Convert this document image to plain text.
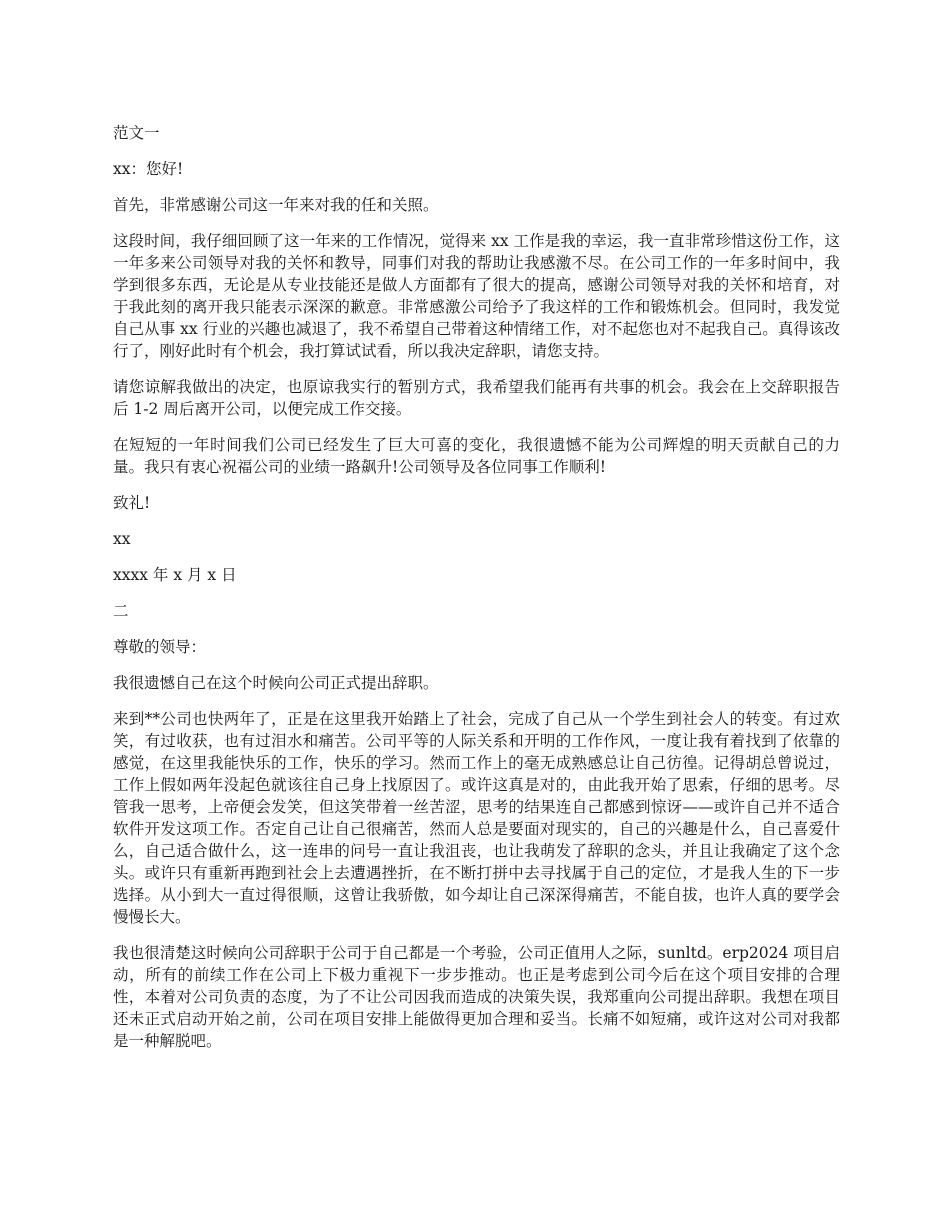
范文一

xx：您好!

首先，非常感谢公司这一年来对我的任和关照。

这段时间，我仔细回顾了这一年来的工作情况，觉得来 xx 工作是我的幸运，我一直非常珍惜这份工作，这一年多来公司领导对我的关怀和教导，同事们对我的帮助让我感激不尽。在公司工作的一年多时间中，我学到很多东西，无论是从专业技能还是做人方面都有了很大的提高，感谢公司领导对我的关怀和培育，对于我此刻的离开我只能表示深深的歉意。非常感激公司给予了我这样的工作和锻炼机会。但同时，我发觉自己从事 xx 行业的兴趣也减退了，我不希望自己带着这种情绪工作，对不起您也对不起我自己。真得该改行了，刚好此时有个机会，我打算试试看，所以我决定辞职，请您支持。

请您谅解我做出的决定，也原谅我实行的暂别方式，我希望我们能再有共事的机会。我会在上交辞职报告后 1-2 周后离开公司，以便完成工作交接。

在短短的一年时间我们公司已经发生了巨大可喜的变化，我很遗憾不能为公司辉煌的明天贡献自己的力量。我只有衷心祝福公司的业绩一路飙升!公司领导及各位同事工作顺利!

致礼!

xx

xxxx 年 x 月 x 日

二

尊敬的领导：

我很遗憾自己在这个时候向公司正式提出辞职。

来到**公司也快两年了，正是在这里我开始踏上了社会，完成了自己从一个学生到社会人的转变。有过欢笑，有过收获，也有过泪水和痛苦。公司平等的人际关系和开明的工作作风，一度让我有着找到了依靠的感觉，在这里我能快乐的工作，快乐的学习。然而工作上的毫无成熟感总让自己彷徨。记得胡总曾说过，工作上假如两年没起色就该往自己身上找原因了。或许这真是对的，由此我开始了思索，仔细的思考。尽管我一思考，上帝便会发笑，但这笑带着一丝苦涩，思考的结果连自己都感到惊讶——或许自己并不适合软件开发这项工作。否定自己让自己很痛苦，然而人总是要面对现实的，自己的兴趣是什么，自己喜爱什么，自己适合做什么，这一连串的问号一直让我沮丧，也让我萌发了辞职的念头，并且让我确定了这个念头。或许只有重新再跑到社会上去遭遇挫折，在不断打拼中去寻找属于自己的定位，才是我人生的下一步选择。从小到大一直过得很顺，这曾让我骄傲，如今却让自己深深得痛苦，不能自拔，也许人真的要学会慢慢长大。

我也很清楚这时候向公司辞职于公司于自己都是一个考验，公司正值用人之际，sunltd。erp2024 项目启动，所有的前续工作在公司上下极力重视下一步步推动。也正是考虑到公司今后在这个项目安排的合理性，本着对公司负责的态度，为了不让公司因我而造成的决策失误，我郑重向公司提出辞职。我想在项目还未正式启动开始之前，公司在项目安排上能做得更加合理和妥当。长痛不如短痛，或许这对公司对我都是一种解脱吧。
